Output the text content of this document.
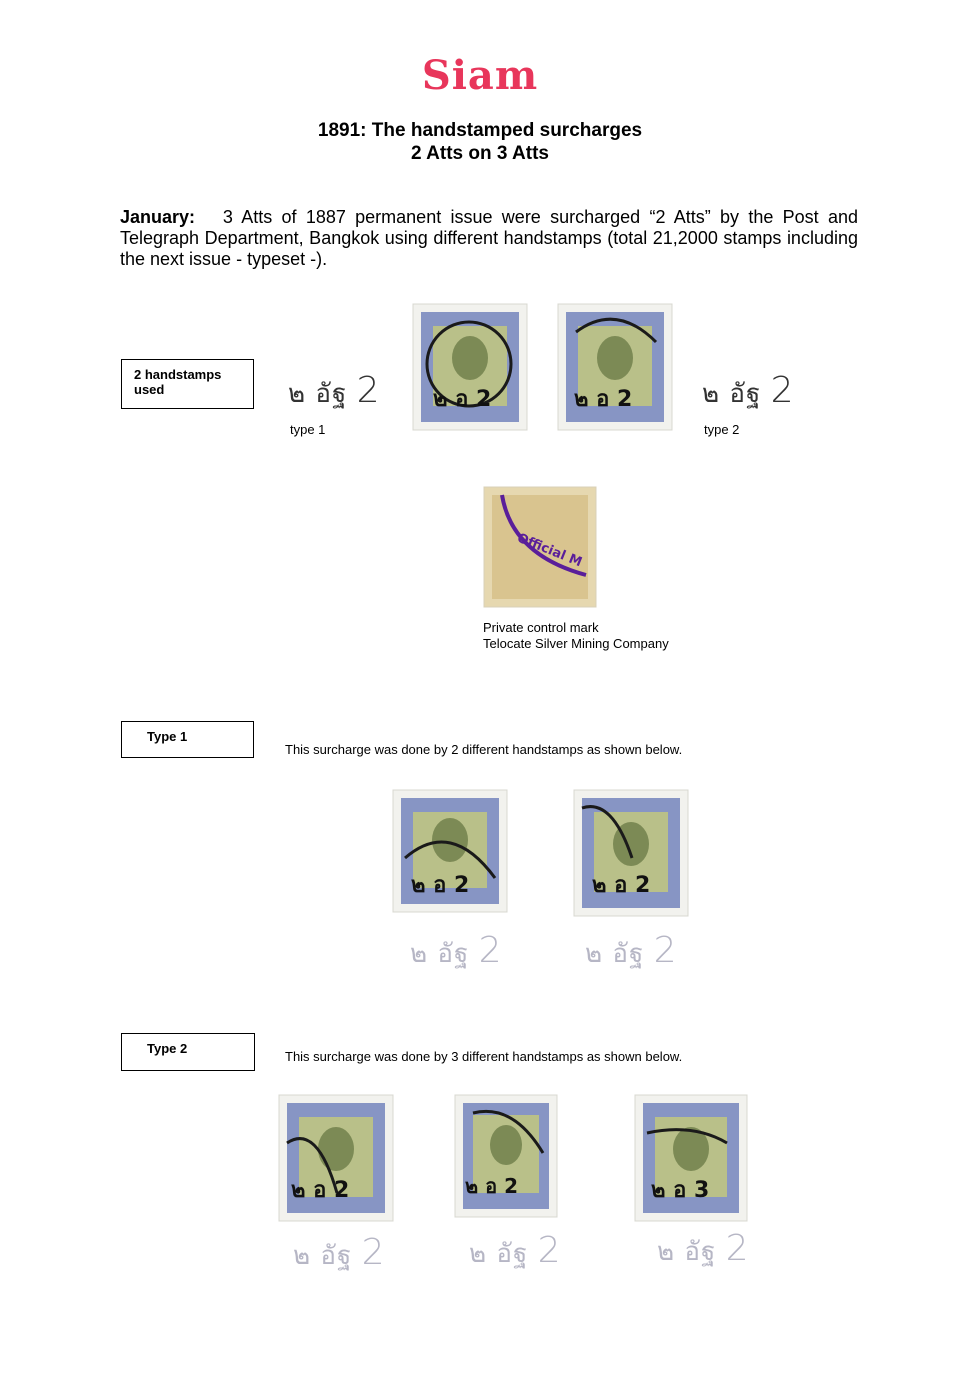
Siam
1891: The handstamped surcharges
2 Atts on 3 Atts
January: 3 Atts of 1887 permanent issue were surcharged “2 Atts” by the Post and Telegraph Department, Bangkok using different handstamps (total 21,2000 stamps including the next issue - typeset -).
2 handstamps used	๒ อัฐ 2
type 1
๒ อ 2	๒ อ 2	๒ อัฐ 2
type 2
Official M
Private control mark
Telocate Silver Mining Company
Type 1
This surcharge was done by 2 different handstamps as shown below.
๒ อ 2	๒ อ 2
๒ อัฐ 2	๒ อัฐ 2
Type 2
This surcharge was done by 3 different handstamps as shown below.
๒ อ 2	๒ อ 2	๒ อ 3
๒ อัฐ 2	๒ อัฐ 2	๒ อัฐ 2
